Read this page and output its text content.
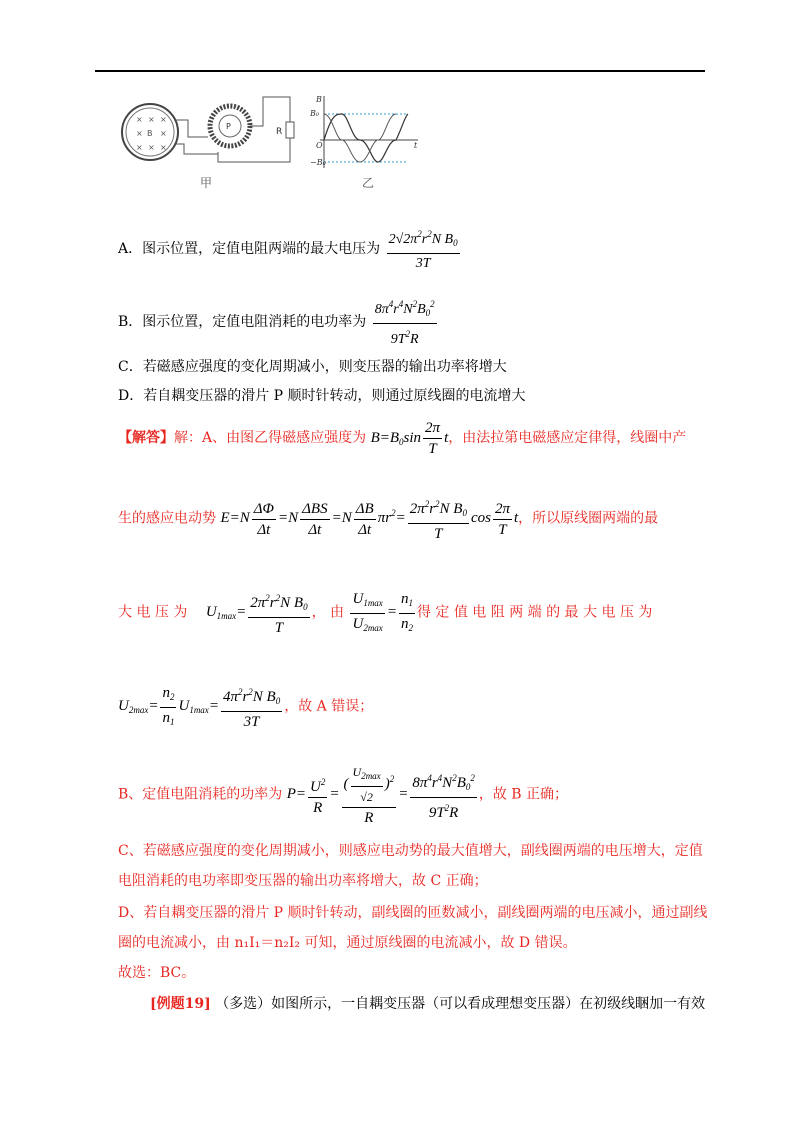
× × ×
× ×
× × ×
B
P
R
甲
B
B₀
−B₀
O	t
乙
A．图示位置，定值电阻两端的最大电压为 $\frac{2√2\pi^2r^2N B_0}{3T}$
B．图示位置，定值电阻消耗的电功率为 $\frac{8\pi^4r^4N^2B_0^2}{9T^2R}$
C．若磁感应强度的变化周期减小，则变压器的输出功率将增大
D．若自耦变压器的滑片 P 顺时针转动，则通过原线圈的电流增大
【解答】解：A、由图乙得磁感应强度为 $B=B_0\sin \frac{2\pi}{T}$ t，由法拉第电磁感应定律得，线圈中产
生的感应电动势 $E=N \frac{\Delta\Phi}{\Delta t} =N \frac{\text{ΔBS}}{\Delta t} =N \frac{\Delta B}{\Delta t} \pi r^2= \frac{2\pi^2r^2N B_0}{T}$ $\cos \frac{2\pi}{T}$ t，所以原线圈两端的最
大 电 压 为 $U_{1max}= \frac{2\pi^2r^2N B_0}{T}$ ， 由 $\frac{U_{1max}}{U_{2max}} = \frac{n_1}{n_2}$ 得 定 值 电 阻 两 端 的 最 大 电 压 为
$U_{2max}= \frac{n_2}{n_1} U_{1max}= \frac{4\pi^2r^2N B_0}{3T}$ ，故 A 错误；
B、定值电阻消耗的功率为 $P= \frac{U^2}{R} = \frac{( \frac{U_{2max}}{√2} )^2}{R} = \frac{8\pi^4r^4N^2B_0^2}{9T^2R}$ ，故 B 正确；
C、若磁感应强度的变化周期减小，则感应电动势的最大值增大，副线圈两端的电压增大，定值
电阻消耗的电功率即变压器的输出功率将增大，故 C 正确；
D、若自耦变压器的滑片 P 顺时针转动，副线圈的匝数减小，副线圈两端的电压减小，通过副线
圈的电流减小，由 n₁I₁＝n₂I₂ 可知，通过原线圈的电流减小，故 D 错误。
故选：BC。
[例题19] （多选）如图所示，一自耦变压器（可以看成理想变压器）在初级线睏加一有效
